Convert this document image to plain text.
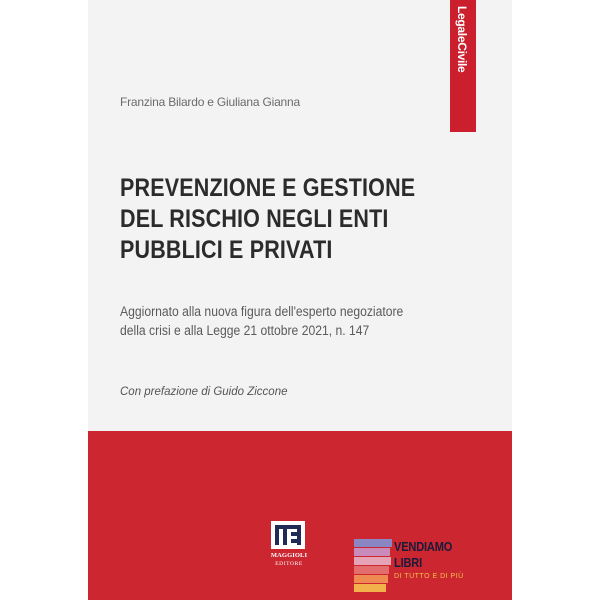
LegaleCivile
Franzina Bilardo e Giuliana Gianna
PREVENZIONE E GESTIONE
DEL RISCHIO NEGLI ENTI
PUBBLICI E PRIVATI
Aggiornato alla nuova figura dell'esperto negoziatore
della crisi e alla Legge 21 ottobre 2021, n. 147
Con prefazione di Guido Ziccone
MAGGIOLI
EDITORE
VENDIAMO
LIBRI
DI TUTTO E DI PIÙ
